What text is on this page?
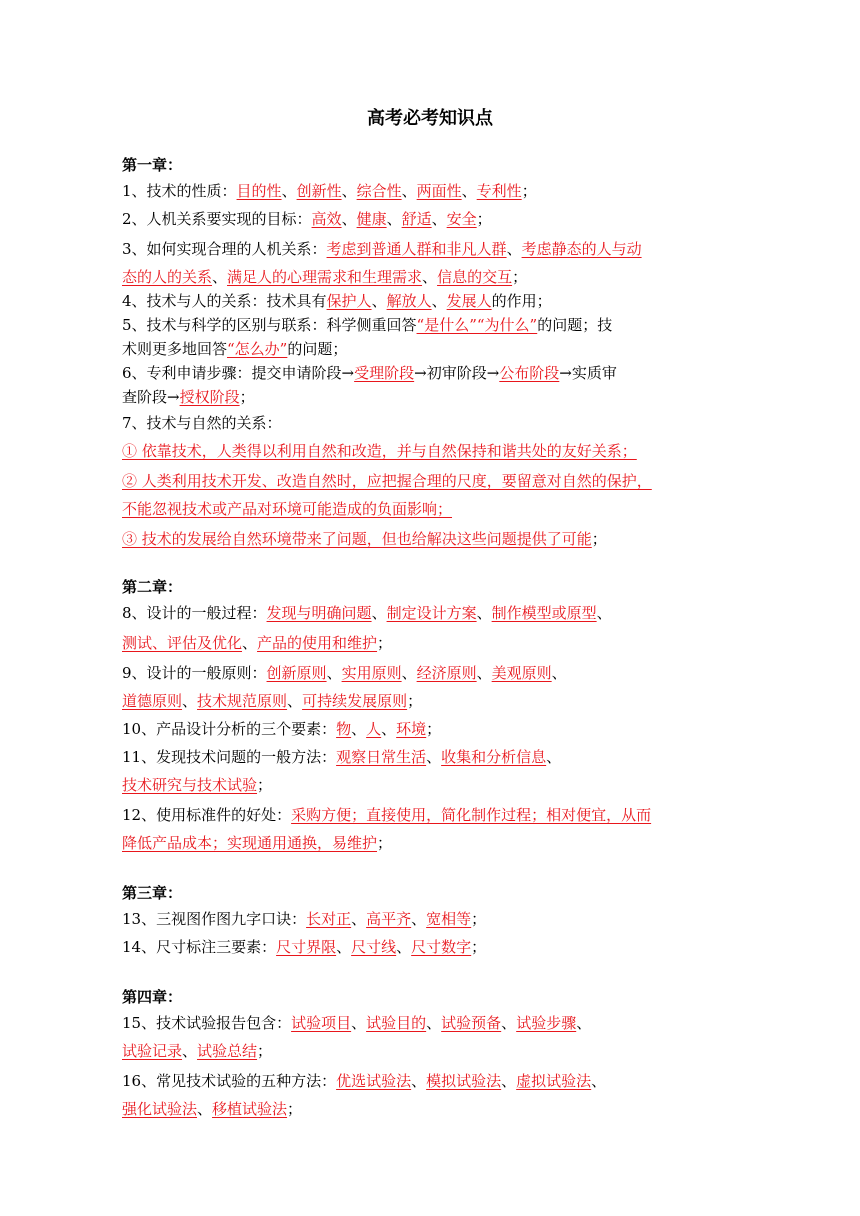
高考必考知识点
第一章：
1、技术的性质：目的性、创新性、综合性、两面性、专利性；
2、人机关系要实现的目标：高效、健康、舒适、安全；
3、如何实现合理的人机关系：考虑到普通人群和非凡人群、考虑静态的人与动
态的人的关系、满足人的心理需求和生理需求、信息的交互；
4、技术与人的关系：技术具有保护人、解放人、发展人的作用；
5、技术与科学的区别与联系：科学侧重回答“是什么”“为什么”的问题；技
术则更多地回答“怎么办”的问题；
6、专利申请步骤：提交申请阶段→受理阶段→初审阶段→公布阶段→实质审
查阶段→授权阶段；
7、技术与自然的关系：
① 依靠技术，人类得以利用自然和改造，并与自然保持和谐共处的友好关系；
② 人类利用技术开发、改造自然时，应把握合理的尺度，要留意对自然的保护，
不能忽视技术或产品对环境可能造成的负面影响；
③ 技术的发展给自然环境带来了问题，但也给解决这些问题提供了可能；
第二章：
8、设计的一般过程：发现与明确问题、制定设计方案、制作模型或原型、
测试、评估及优化、产品的使用和维护；
9、设计的一般原则：创新原则、实用原则、经济原则、美观原则、
道德原则、技术规范原则、可持续发展原则；
10、产品设计分析的三个要素：物、人、环境；
11、发现技术问题的一般方法：观察日常生活、收集和分析信息、
技术研究与技术试验；
12、使用标准件的好处：采购方便；直接使用，简化制作过程；相对便宜，从而
降低产品成本；实现通用通换，易维护；
第三章：
13、三视图作图九字口诀：长对正、高平齐、宽相等；
14、尺寸标注三要素：尺寸界限、尺寸线、尺寸数字；
第四章：
15、技术试验报告包含：试验项目、试验目的、试验预备、试验步骤、
试验记录、试验总结；
16、常见技术试验的五种方法：优选试验法、模拟试验法、虚拟试验法、
强化试验法、移植试验法；
